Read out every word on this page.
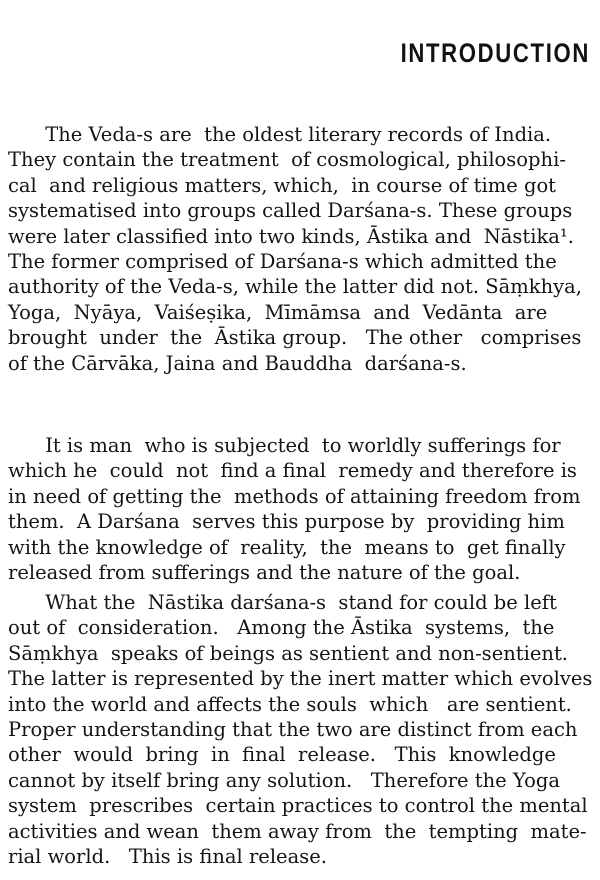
INTRODUCTION
The Veda-s are  the oldest literary records of India.
They contain the treatment  of cosmological, philosophi-
cal  and religious matters, which,  in course of time got
systematised into groups called Darśana-s. These groups
were later classified into two kinds, Āstika and  Nāstika¹.
The former comprised of Darśana-s which admitted the
authority of the Veda-s, while the latter did not. Sāṃkhya,
Yoga,  Nyāya,  Vaiśeṣika,  Mīmāmsa  and  Vedānta  are
brought  under  the  Āstika group.   The other   comprises
of the Cārvāka, Jaina and Bauddha  darśana-s.
It is man  who is subjected  to worldly sufferings for
which he  could  not  find a final  remedy and therefore is
in need of getting the  methods of attaining freedom from
them.  A Darśana  serves this purpose by  providing him
with the knowledge of  reality,  the  means to  get finally
released from sufferings and the nature of the goal.
What the  Nāstika darśana-s  stand for could be left
out of  consideration.   Among the Āstika  systems,  the
Sāṃkhya  speaks of beings as sentient and non-sentient.
The latter is represented by the inert matter which evolves
into the world and affects the souls  which   are sentient.
Proper understanding that the two are distinct from each
other  would  bring  in  final  release.   This  knowledge
cannot by itself bring any solution.   Therefore the Yoga
system  prescribes  certain practices to control the mental
activities and wean  them away from  the  tempting  mate-
rial world.   This is final release.
